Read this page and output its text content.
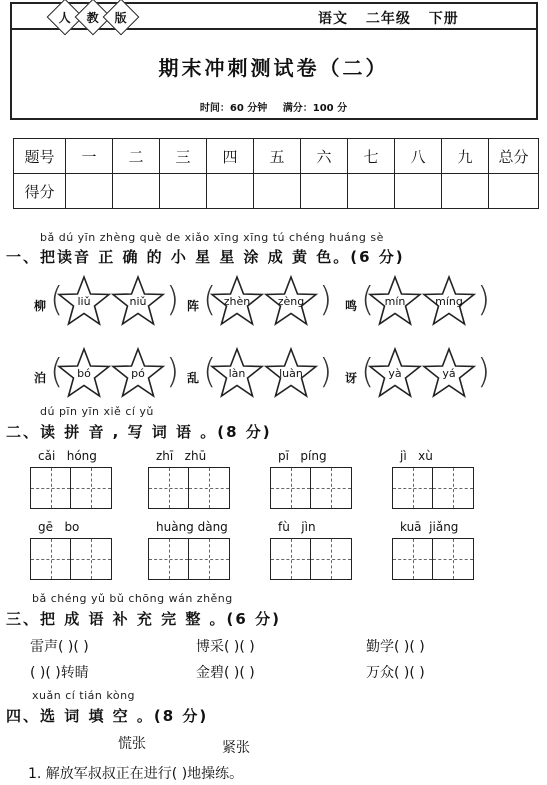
人 教 版	语文 二年级 下册
期末冲刺测试卷（二）
时间：60 分钟 满分：100 分
题号	一	二	三	四	五	六	七	八	九	总分
得分										
bǎ dú yīn zhèng què de xiǎo xīng xīng tú chéng huáng sè
一、把读音 正 确 的 小 星 星 涂 成 黄 色。(6 分)
柳 (	liǔ	niǔ ) 阵 ( zhèn	zèng ) 鸣 ( mín	míng )
泊 (	bó	pó ) 乱 (	làn	luàn ) 讶 (	yà	yá )
dú pīn yīn xiě cí yǔ
二、读 拼 音 , 写 词 语 。(8 分)
cǎi   hóng	zhī   zhū	pī   píng	jì   xù
gē   bo	huàng dàng	fù   jìn	kuā  jiǎng
bǎ chéng yǔ bǔ chōng wán zhěng
三、把 成 语 补 充 完 整 。(6 分)
雷声( )( )	博采( )( )	勤学( )( )
( )( )转睛	金碧( )( )	万众( )( )
xuǎn cí tián kòng
四、选 词 填 空 。(8 分)
慌张	紧张
1. 解放军叔叔正在进行( )地操练。
